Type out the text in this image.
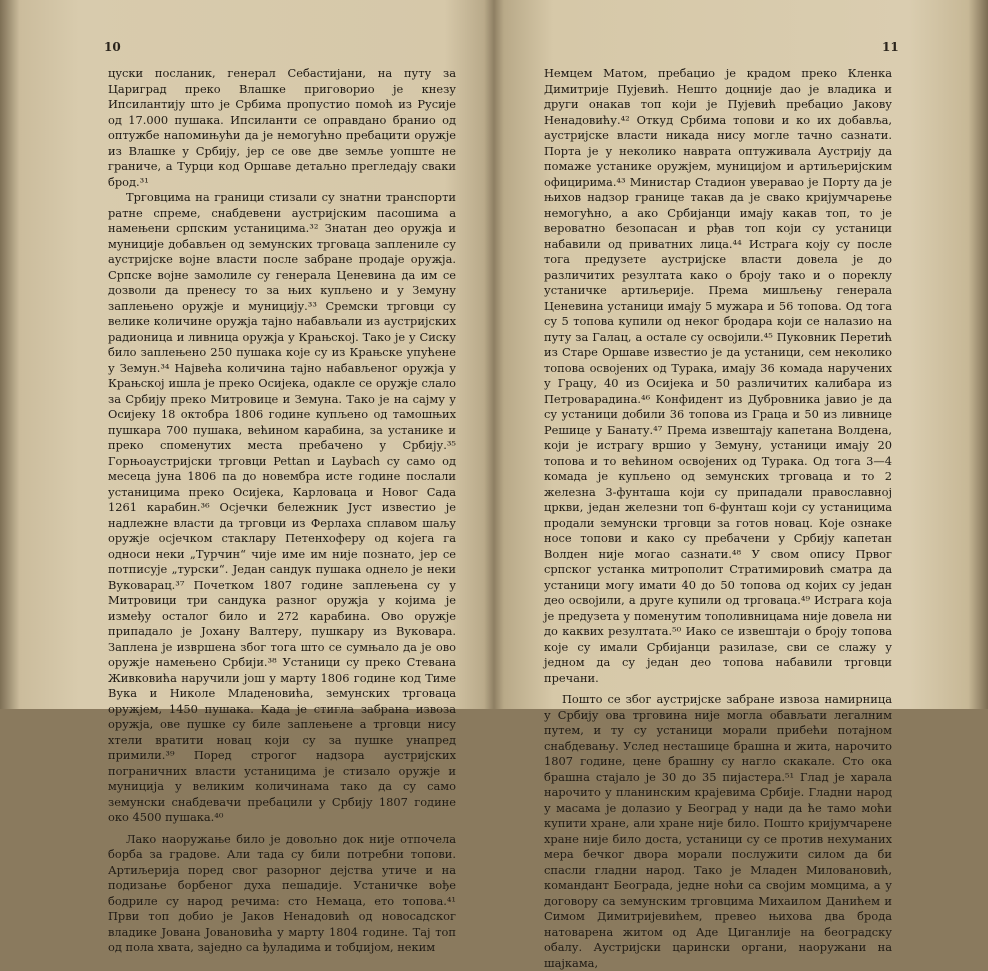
10

цуски посланик, генерал Себастијани, на путу за Цариград преко Влашке приговорио је кнезу Ипсилантију што је Србима пропустио помоћ из Русије од 17.000 пушака. Ипсиланти се оправдано бранио од оптужбе напомињући да је немогућно пребацити оружје из Влашке у Србију, јер се ове две земље уопште не граниче, а Турци код Оршаве детаљно прегледају сваки брод.³¹

Трговцима на граници стизали су знатни транспорти ратне спреме, снабдевени аустријским пасошима а намењени српским устаницима.³² Знатан део оружја и муниције добављен од земунских трговаца заплениле су аустријске војне власти после забране продаје оружја. Српске војне замолиле су генерала Ценевина да им се дозволи да пренесу то за њих купљено и у Земуну заплењено оружје и муницију.³³ Сремски трговци су велике количине оружја тајно набављали из аустријских радионица и ливница оружја у Крањској. Тако је у Сиску било заплењено 250 пушака које су из Крањске упућене у Земун.³⁴ Највећа количина тајно набављеног оружја у Крањској ишла је преко Осијека, одакле се оружје слало за Србију преко Митровице и Земуна. Тако је на сајму у Осијеку 18 октобра 1806 године купљено од тамошњих пушкара 700 пушака, већином карабина, за устанике и преко споменутих места пребачено у Србију.³⁵ Горњоаустријски трговци Pettan и Laybach су само од месеца јуна 1806 па до новембра исте године послали устаницима преко Осијека, Карловаца и Новог Сада 1261 карабин.³⁶ Осјечки бележник Јуст известио је надлежне власти да трговци из Ферлаха сплавом шаљу оружје осјечком стаклару Петенхоферу од којега га односи неки „Турчин“ чије име им није познато, јер се потписује „турски“. Један сандук пушака однело је неки Вуковарац.³⁷ Почетком 1807 године заплењена су у Митровици три сандука разног оружја у којима је између осталог било и 272 карабина. Ово оружје припадало је Јохану Валтеру, пушкару из Вуковара. Заплена је извршена због тога што се сумњало да је ово оружје намењено Србији.³⁸ Устаници су преко Стевана Живковића наручили још у марту 1806 године код Тиме Вука и Николе Младеновића, земунских трговаца оружјем, 1450 пушака. Када је стигла забрана извоза оружја, ове пушке су биле заплењене а трговци нису хтели вратити новац који су за пушке унапред примили.³⁹ Поред строгог надзора аустријских пограничних власти устаницима је стизало оружје и муниција у великим количинама тако да су само земунски снабдевачи пребацили у Србију 1807 године око 4500 пушака.⁴⁰

Лако наоружање било је довољно док није отпочела борба за градове. Али тада су били потребни топови. Артиљерија поред свог разорног дејства утиче и на подизање борбеног духа пешадије. Устаничке вође бодриле су народ речима: сто Немаца, ето топова.⁴¹ Први топ добио је Јаков Ненадовић од новосадског владике Јована Јовановића у марту 1804 године. Тај топ од пола хвата, заједно са ђуладима и тобџијом, неким

11

Немцем Матом, пребацио је крадом преко Кленка Димитрије Пујевић. Нешто доцније дао је владика и други онакав топ који је Пујевић пребацио Јакову Ненадовићу.⁴² Откуд Србима топови и ко их добавља, аустријске власти никада нису могле тачно сазнати. Порта је у неколико наврата оптуживала Аустрију да помаже устанике оружјем, муницијом и артиљеријским официрима.⁴³ Министар Стадион уверавао је Порту да је њихов надзор границе такав да је свако кријумчарење немогућно, а ако Србијанци имају какав топ, то је вероватно безопасан и рђав топ који су устаници набавили од приватних лица.⁴⁴ Истрага коју су после тога предузете аустријске власти довела је до различитих резултата како о броју тако и о пореклу устаничке артиљерије. Према мишљењу генерала Ценевина устаници имају 5 мужара и 56 топова. Од тога су 5 топова купили од неког бродара који се налазио на путу за Галац, а остале су освојили.⁴⁵ Пуковник Перетић из Старе Оршаве известио је да устаници, сем неколико топова освојених од Турака, имају 36 комада наручених у Грацу, 40 из Осијека и 50 различитих калибара из Петроварадина.⁴⁶ Конфидент из Дубровника јавио је да су устаници добили 36 топова из Граца и 50 из ливнице Решице у Банату.⁴⁷ Према извештају капетана Волдена, који је истрагу вршио у Земуну, устаници имају 20 топова и то већином освојених од Турака. Од тога 3—4 комада је купљено од земунских трговаца и то 2 железна 3-фунташа који су припадали православној цркви, један железни топ 6-фунташ који су устаницима продали земунски трговци за готов новац. Које ознаке носе топови и како су пребачени у Србију капетан Волден није могао сазнати.⁴⁸ У свом опису Првог српског устанка митрополит Стратимировић сматра да устаници могу имати 40 до 50 топова од којих су један део освојили, а друге купили од трговаца.⁴⁹ Истрага која је предузета у поменутим тополивницама није довела ни до каквих резултата.⁵⁰ Иако се извештаји о броју топова које су имали Србијанци разилазе, сви се слажу у једном да су један део топова набавили трговци пречани.

Пошто се због аустријске забране извоза намирница у Србију ова трговина није могла обављати легалним путем, и ту су устаници морали прибећи потајном снабдевању. Услед несташице брашна и жита, нарочито 1807 године, цене брашну су нагло скакале. Сто ока брашна стајало је 30 до 35 пијастера.⁵¹ Глад је харала нарочито у планинским крајевима Србије. Гладни народ у масама је долазио у Београд у нади да ће тамо моћи купити хране, али хране није било. Пошто кријумчарене хране није било доста, устаници су се против нехуманих мера бечког двора морали послужити силом да би спасли гладни народ. Тако је Младен Миловановић, командант Београда, једне ноћи са својим момцима, а у договору са земунским трговцима Михаилом Данићем и Симом Димитријевићем, превео њихова два брода натоварена житом од Аде Циганлије на београдску обалу. Аустријски царински органи, наоружани на шајкама,
